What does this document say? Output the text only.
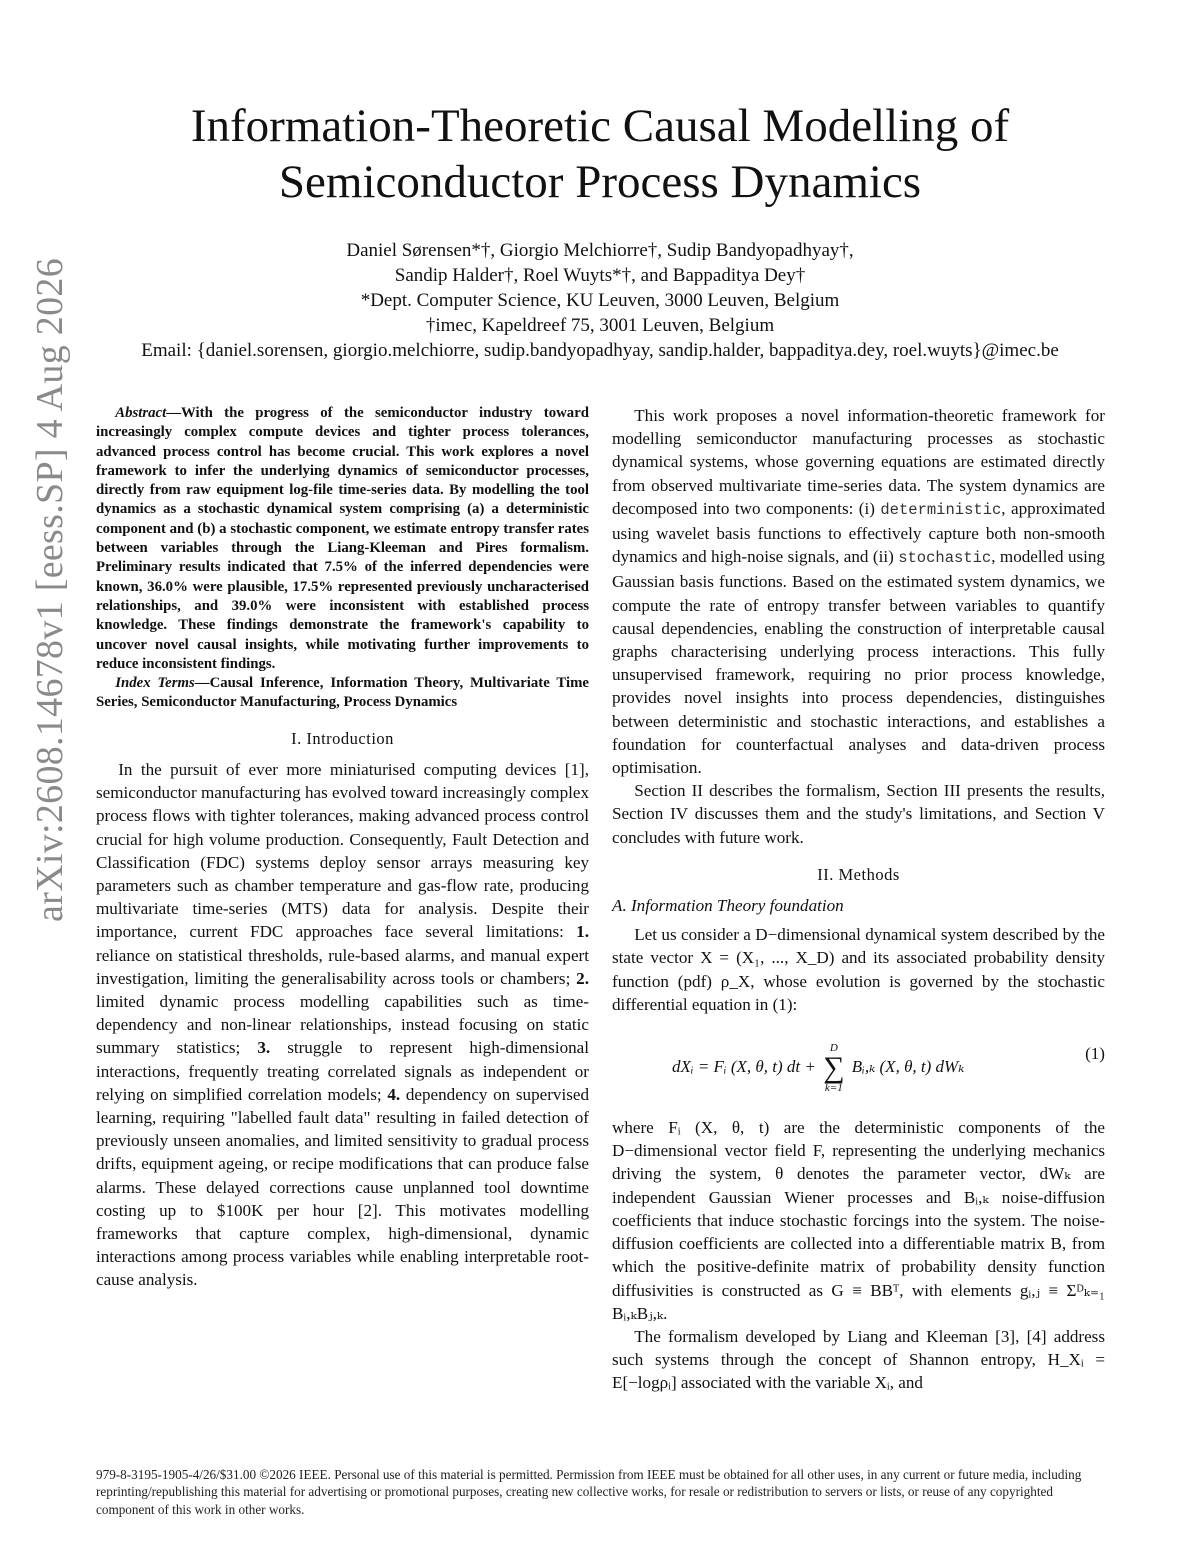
arXiv:2608.14678v1 [eess.SP] 4 Aug 2026
Information-Theoretic Causal Modelling of
Semiconductor Process Dynamics
Daniel Sørensen*†, Giorgio Melchiorre†, Sudip Bandyopadhyay†,
Sandip Halder†, Roel Wuyts*†, and Bappaditya Dey†
*Dept. Computer Science, KU Leuven, 3000 Leuven, Belgium
†imec, Kapeldreef 75, 3001 Leuven, Belgium
Email: {daniel.sorensen, giorgio.melchiorre, sudip.bandyopadhyay, sandip.halder, bappaditya.dey, roel.wuyts}@imec.be
Abstract—With the progress of the semiconductor industry toward increasingly complex compute devices and tighter process tolerances, advanced process control has become crucial. This work explores a novel framework to infer the underlying dynamics of semiconductor processes, directly from raw equipment log-file time-series data. By modelling the tool dynamics as a stochastic dynamical system comprising (a) a deterministic component and (b) a stochastic component, we estimate entropy transfer rates between variables through the Liang-Kleeman and Pires formalism. Preliminary results indicated that 7.5% of the inferred dependencies were known, 36.0% were plausible, 17.5% represented previously uncharacterised relationships, and 39.0% were inconsistent with established process knowledge. These findings demonstrate the framework's capability to uncover novel causal insights, while motivating further improvements to reduce inconsistent findings.
Index Terms—Causal Inference, Information Theory, Multivariate Time Series, Semiconductor Manufacturing, Process Dynamics
I. Introduction

In the pursuit of ever more miniaturised computing devices [1], semiconductor manufacturing has evolved toward increasingly complex process flows with tighter tolerances, making advanced process control crucial for high volume production. Consequently, Fault Detection and Classification (FDC) systems deploy sensor arrays measuring key parameters such as chamber temperature and gas-flow rate, producing multivariate time-series (MTS) data for analysis. Despite their importance, current FDC approaches face several limitations: 1. reliance on statistical thresholds, rule-based alarms, and manual expert investigation, limiting the generalisability across tools or chambers; 2. limited dynamic process modelling capabilities such as time-dependency and non-linear relationships, instead focusing on static summary statistics; 3. struggle to represent high-dimensional interactions, frequently treating correlated signals as independent or relying on simplified correlation models; 4. dependency on supervised learning, requiring "labelled fault data" resulting in failed detection of previously unseen anomalies, and limited sensitivity to gradual process drifts, equipment ageing, or recipe modifications that can produce false alarms. These delayed corrections cause unplanned tool downtime costing up to $100K per hour [2]. This motivates modelling frameworks that capture complex, high-dimensional, dynamic interactions among process variables while enabling interpretable root-cause analysis.

This work proposes a novel information-theoretic framework for modelling semiconductor manufacturing processes as stochastic dynamical systems, whose governing equations are estimated directly from observed multivariate time-series data. The system dynamics are decomposed into two components: (i) deterministic, approximated using wavelet basis functions to effectively capture both non-smooth dynamics and high-noise signals, and (ii) stochastic, modelled using Gaussian basis functions. Based on the estimated system dynamics, we compute the rate of entropy transfer between variables to quantify causal dependencies, enabling the construction of interpretable causal graphs characterising underlying process interactions. This fully unsupervised framework, requiring no prior process knowledge, provides novel insights into process dependencies, distinguishes between deterministic and stochastic interactions, and establishes a foundation for counterfactual analyses and data-driven process optimisation.

Section II describes the formalism, Section III presents the results, Section IV discusses them and the study's limitations, and Section V concludes with future work.

II. Methods
A. Information Theory foundation

Let us consider a D−dimensional dynamical system described by the state vector X = (X₁, ..., X_D) and its associated probability density function (pdf) ρ_X, whose evolution is governed by the stochastic differential equation in (1):

dXᵢ = Fᵢ (X, θ, t) dt +
D
∑
k=1
Bᵢ,ₖ (X, θ, t) dWₖ
(1)

where Fᵢ (X, θ, t) are the deterministic components of the D−dimensional vector field F, representing the underlying mechanics driving the system, θ denotes the parameter vector, dWₖ are independent Gaussian Wiener processes and Bᵢ,ₖ noise-diffusion coefficients that induce stochastic forcings into the system. The noise-diffusion coefficients are collected into a differentiable matrix B, from which the positive-definite matrix of probability density function diffusivities is constructed as G ≡ BBᵀ, with elements gᵢ,ⱼ ≡ Σᴰₖ₌₁ Bᵢ,ₖBⱼ,ₖ.

The formalism developed by Liang and Kleeman [3], [4] address such systems through the concept of Shannon entropy, H_Xᵢ = E[−logρᵢ] associated with the variable Xᵢ, and

979-8-3195-1905-4/26/$31.00 ©2026 IEEE. Personal use of this material is permitted. Permission from IEEE must be obtained for all other uses, in any current or future media, including reprinting/republishing this material for advertising or promotional purposes, creating new collective works, for resale or redistribution to servers or lists, or reuse of any copyrighted component of this work in other works.
